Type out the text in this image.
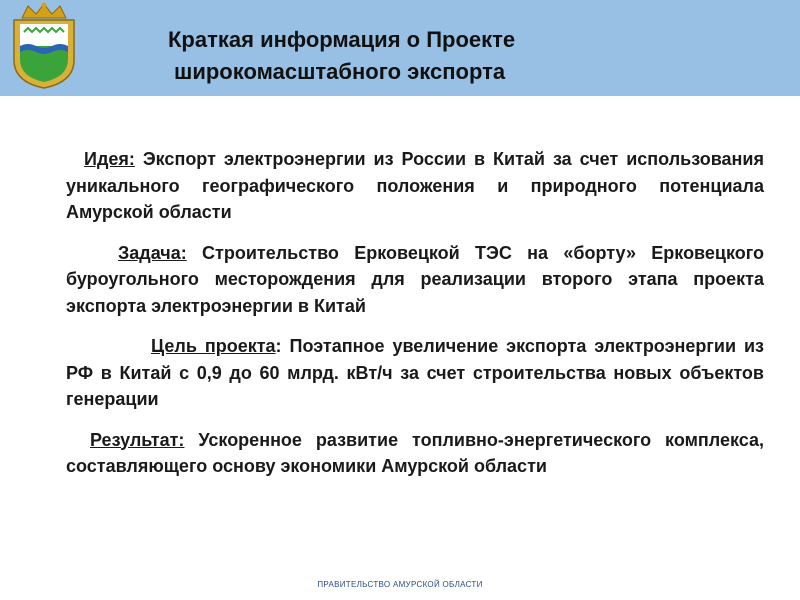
Краткая информация о Проекте
широкомасштабного экспорта

Идея: Экспорт электроэнергии из России в Китай за счет использования уникального географического положения и природного потенциала Амурской области

Задача: Строительство Ерковецкой ТЭС на «борту» Ерковецкого буроугольного месторождения для реализации второго этапа проекта экспорта электроэнергии в Китай

Цель проекта: Поэтапное увеличение экспорта электроэнергии из РФ в Китай с 0,9 до 60 млрд. кВт/ч за счет строительства новых объектов генерации

Результат: Ускоренное развитие топливно-энергетического комплекса, составляющего основу экономики Амурской области

ПРАВИТЕЛЬСТВО АМУРСКОЙ ОБЛАСТИ
